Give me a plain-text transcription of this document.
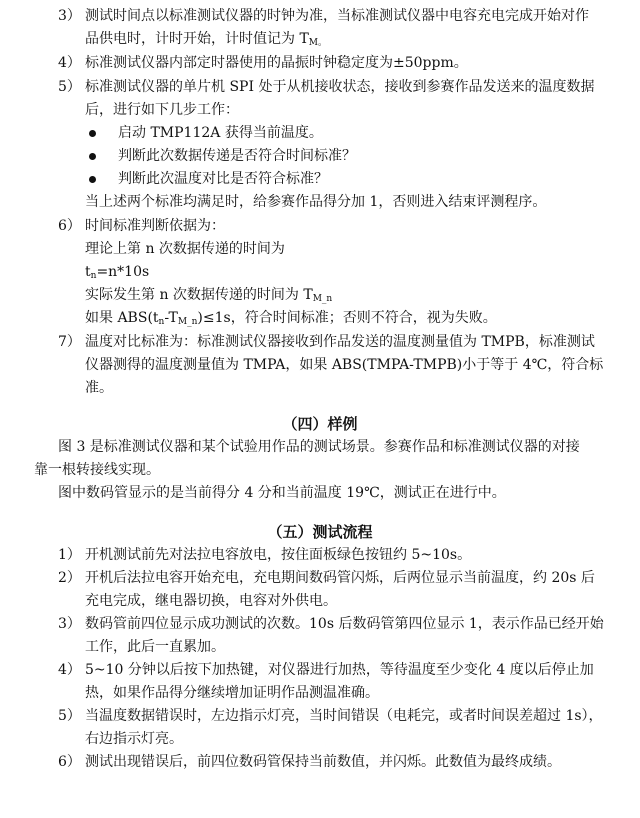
3） 测试时间点以标准测试仪器的时钟为准，当标准测试仪器中电容充电完成开始对作
品供电时，计时开始，计时值记为 $T_{M。}$
4） 标准测试仪器内部定时器使用的晶振时钟稳定度为±50ppm。
5） 标准测试仪器的单片机 SPI 处于从机接收状态，接收到参赛作品发送来的温度数据
后，进行如下几步工作：
启动 TMP112A 获得当前温度。
判断此次数据传递是否符合时间标准？
判断此次温度对比是否符合标准？
当上述两个标准均满足时，给参赛作品得分加 1，否则进入结束评测程序。
6） 时间标准判断依据为：
理论上第 n 次数据传递的时间为
$t_n=n*10s$
实际发生第 n 次数据传递的时间为 $T_{M\_n}$
如果 $ABS(t_n-T_{M\_n})\le 1s$，符合时间标准；否则不符合，视为失败。
7） 温度对比标准为：标准测试仪器接收到作品发送的温度测量值为 TMPB，标准测试
仪器测得的温度测量值为 TMPA，如果 ABS(TMPA-TMPB)小于等于 4℃，符合标
准。
（四）样例
图 3 是标准测试仪器和某个试验用作品的测试场景。参赛作品和标准测试仪器的对接
靠一根转接线实现。
图中数码管显示的是当前得分 4 分和当前温度 19℃，测试正在进行中。
（五）测试流程
1） 开机测试前先对法拉电容放电，按住面板绿色按钮约 5~10s。
2） 开机后法拉电容开始充电，充电期间数码管闪烁，后两位显示当前温度，约 20s 后
充电完成，继电器切换，电容对外供电。
3） 数码管前四位显示成功测试的次数。10s 后数码管第四位显示 1，表示作品已经开始
工作，此后一直累加。
4） 5~10 分钟以后按下加热键，对仪器进行加热，等待温度至少变化 4 度以后停止加
热，如果作品得分继续增加证明作品测温准确。
5） 当温度数据错误时，左边指示灯亮，当时间错误（电耗完，或者时间误差超过 1s），
右边指示灯亮。
6） 测试出现错误后，前四位数码管保持当前数值，并闪烁。此数值为最终成绩。
